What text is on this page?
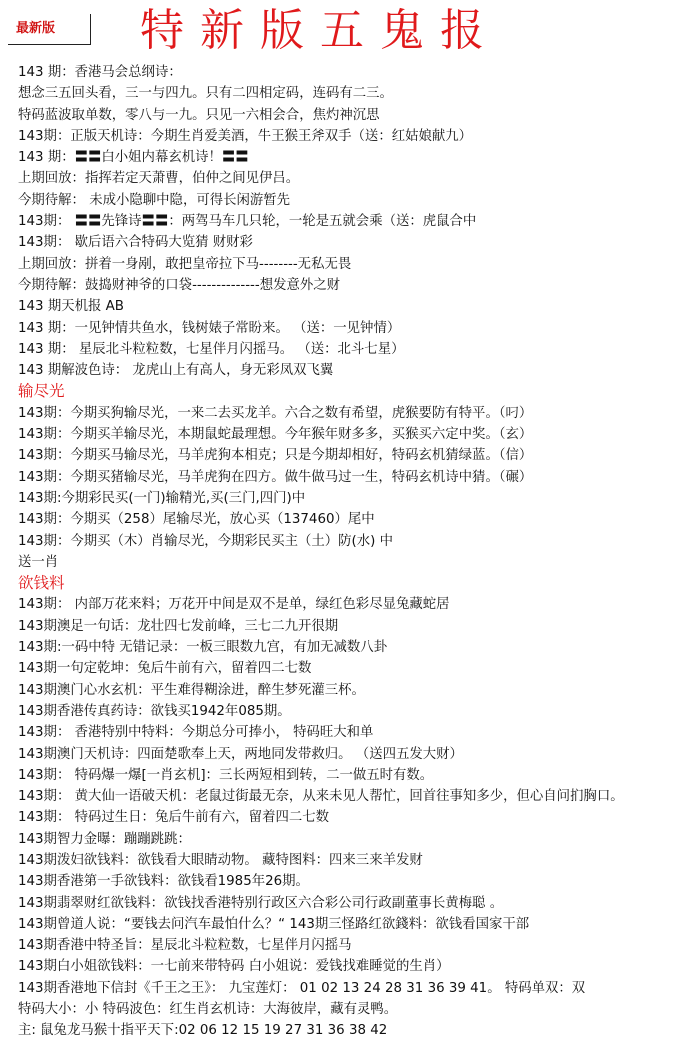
最新版	特新版五鬼报
143 期：香港马会总纲诗：
想念三五回头看，三一与四九。只有二四相定码，连码有二三。
特码蓝波取单数，零八与一九。只见一六相会合，焦灼神沉思
143期：正版天机诗：今期生肖爱美酒，牛王猴王斧双手（送：红姑娘献九）
143 期：〓〓白小姐内幕玄机诗！〓〓
上期回放：指挥若定天萧曹，伯仲之间见伊吕。
今期待解： 未成小隐聊中隐，可得长闲游暂先
143期： 〓〓先锋诗〓〓：两驾马车几只轮，一轮是五就会乘（送：虎鼠合中
143期： 歇后语六合特码大览猜 财财彩
上期回放：拼着一身剐，敢把皇帝拉下马--------无私无畏
今期待解：鼓捣财神爷的口袋--------------想发意外之财
143 期天机报 AB
143 期：一见钟情共鱼水，钱树婊子常盼来。 （送：一见钟情）
143 期： 星辰北斗粒粒数，七星伴月闪摇马。 （送：北斗七星）
143 期解波色诗： 龙虎山上有高人，身无彩凤双飞翼
输尽光
143期：今期买狗输尽光，一来二去买龙羊。六合之数有希望，虎猴要防有特平。（叼）
143期：今期买羊输尽光，本期鼠蛇最理想。今年猴年财多多，买猴买六定中奖。（玄）
143期：今期买马输尽光，马羊虎狗本相克；只是今期却相好，特码玄机猜绿蓝。（信）
143期：今期买猪输尽光，马羊虎狗在四方。做牛做马过一生，特码玄机诗中猜。（碾）
143期:今期彩民买(一门)输精光,买(三门,四门)中
143期：今期买（258）尾输尽光，放心买（137460）尾中
143期：今期买（木）肖输尽光，今期彩民买主（土）防(水) 中
送一肖
欲钱料
143期： 内部万花来料；万花开中间是双不是单，绿红色彩尽显兔藏蛇居
143期澳足一句话：龙壮四七发前峰，三七二九开很期
143期:一码中特 无错记录：一板三眼数九宫，有加无减数八卦
143期一句定乾坤：兔后牛前有六，留着四二七数
143期澳门心水玄机：平生难得糊涂进，醉生梦死灌三杯。
143期香港传真药诗：欲钱买1942年085期。
143期： 香港特别中特料：今期总分可捧小， 特码旺大和单
143期澳门天机诗：四面楚歌奉上天，两地同发带救归。 （送四五发大财）
143期： 特码爆一爆[一肖玄机]：三长两短相到转，二一做五时有数。
143期： 黄大仙一语破天机：老鼠过街最无奈，从来未见人帮忙，回首往事知多少，但心自问扪胸口。
143期： 特码过生日：兔后牛前有六，留着四二七数
143期智力金曝：蹦蹦跳跳：
143期泼妇欲钱料：欲钱看大眼睛动物。 藏特图料：四来三来羊发财
143期香港第一手欲钱料：欲钱看1985年26期。
143期翡翠财红欲钱料：欲钱找香港特别行政区六合彩公司行政副董事长黄梅聪 。
143期曾道人说：“要钱去问汽车最怕什么？“ 143期三怪路红欲錢料：欲钱看国家干部
143期香港中特圣旨：星辰北斗粒粒数，七星伴月闪摇马
143期白小姐欲钱料：一七前来带特码 白小姐说：爱钱找难睡觉的生肖）
143期香港地下信封《千王之王》： 九宝莲灯： 01 02 13 24 28 31 36 39 41。 特码单双：双
特码大小：小 特码波色：红生肖玄机诗：大海彼岸，藏有灵鸭。
主: 鼠兔龙马猴十指平天下:02 06 12 15 19 27 31 36 38 42
